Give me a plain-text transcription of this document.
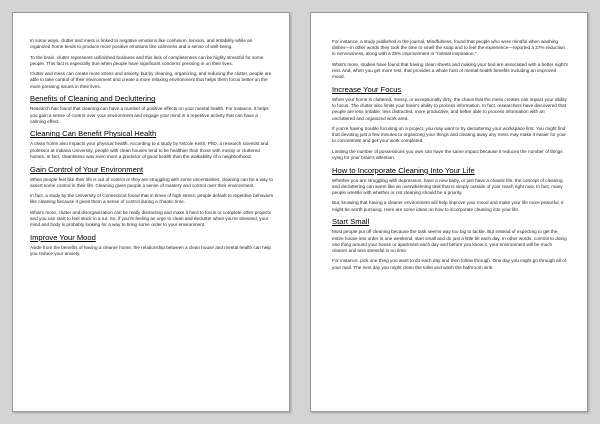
In some ways, clutter and mess is linked to negative emotions like confusion, tension, and irritability while an organized home tends to produce more positive emotions like calmness and a sense of well-being.

To the brain, clutter represents unfinished business and this lack of completeness can be highly stressful for some people. This fact is especially true when people have significant concerns pressing in on their lives.

Clutter and mess can create more stress and anxiety, but by cleaning, organizing, and reducing the clutter, people are able to take control of their environment and create a more relaxing environment that helps them focus better on the more pressing issues in their lives.

Benefits of Cleaning and Decluttering

Research has found that cleaning can have a number of positive effects on your mental health. For instance, it helps you gain a sense of control over your environment and engage your mind in a repetitive activity that can have a calming effect.

Cleaning Can Benefit Physical Health

A clean home also impacts your physical health. According to a study by NiCole Keith, PhD, a research scientist and professor at Indiana University, people with clean houses tend to be healthier than those with messy or cluttered homes. In fact, cleanliness was even more a predictor of good health than the walkability of a neighborhood.

Gain Control of Your Environment

When people feel like their life is out of control or they are struggling with some uncertainties, cleaning can be a way to assert some control in their life. Cleaning gives people a sense of mastery and control over their environment.

In fact, a study by the University of Connecticut found that in times of high stress, people default to repetitive behaviors like cleaning because it gives them a sense of control during a chaotic time.

What's more, clutter and disorganization can be really distracting and make it hard to focus or complete other projects and you can start to feel stuck in a rut. So, if you're feeling an urge to clean and declutter when you're stressed, your mind and body is probably looking for a way to bring some order to your environment.

Improve Your Mood

Aside from the benefits of having a cleaner home, the relationship between a clean house and mental health can help you reduce your anxiety.

For instance, a study published in the journal, Mindfulness, found that people who were mindful when washing dishes—in other words they took the time to smell the soap and to feel the experience—reported a 27% reduction in nervousness, along with a 25% improvement in "mental inspiration."

What's more, studies have found that having clean sheets and making your bed are associated with a better night's rest. And, when you get more rest, that provides a whole host of mental health benefits including an improved mood.

Increase Your Focus

When your home is cluttered, messy, or exceptionally dirty, the chaos that the mess creates can impact your ability to focus. The clutter also limits your brain's ability to process information. In fact, researchers have discovered that people are less irritable, less distracted, more productive, and better able to process information with an uncluttered and organized work area.

If you're having trouble focusing on a project, you may want to try decluttering your workspace first. You might find that devoting just a few minutes to organizing your things and clearing away any mess may make it easier for your to concentrate and get your work completed.

Limiting the number of possessions you own can have the same impact because it reduces the number of things vying for your brain's attention.

How to Incorporate Cleaning Into Your Life

Whether you are struggling with depression, have a new baby, or just have a chaotic life, the concept of cleaning and decluttering can seem like an overwhelming task that is simply outside of your reach right now. In fact, many people wrestle with whether or not cleaning should be a priority.

But, knowing that having a cleaner environment will help improve your mood and make your life more peaceful, it might be worth pursuing. Here are some ideas on how to incorporate cleaning into your life.

Start Small

Most people put off cleaning because the task seems way too big to tackle. But instead of expecting to get the entire house into order in one weekend, start small and do just a little bit each day. In other words, commit to doing one thing around your house or apartment each day and before you know it, your environment will be much cleaner and less stressful in no time.

For instance, pick one thing you want to do each day and then follow through. One day you might go through all of your mail. The next day you might clean the toilet and wash the bathroom sink.
